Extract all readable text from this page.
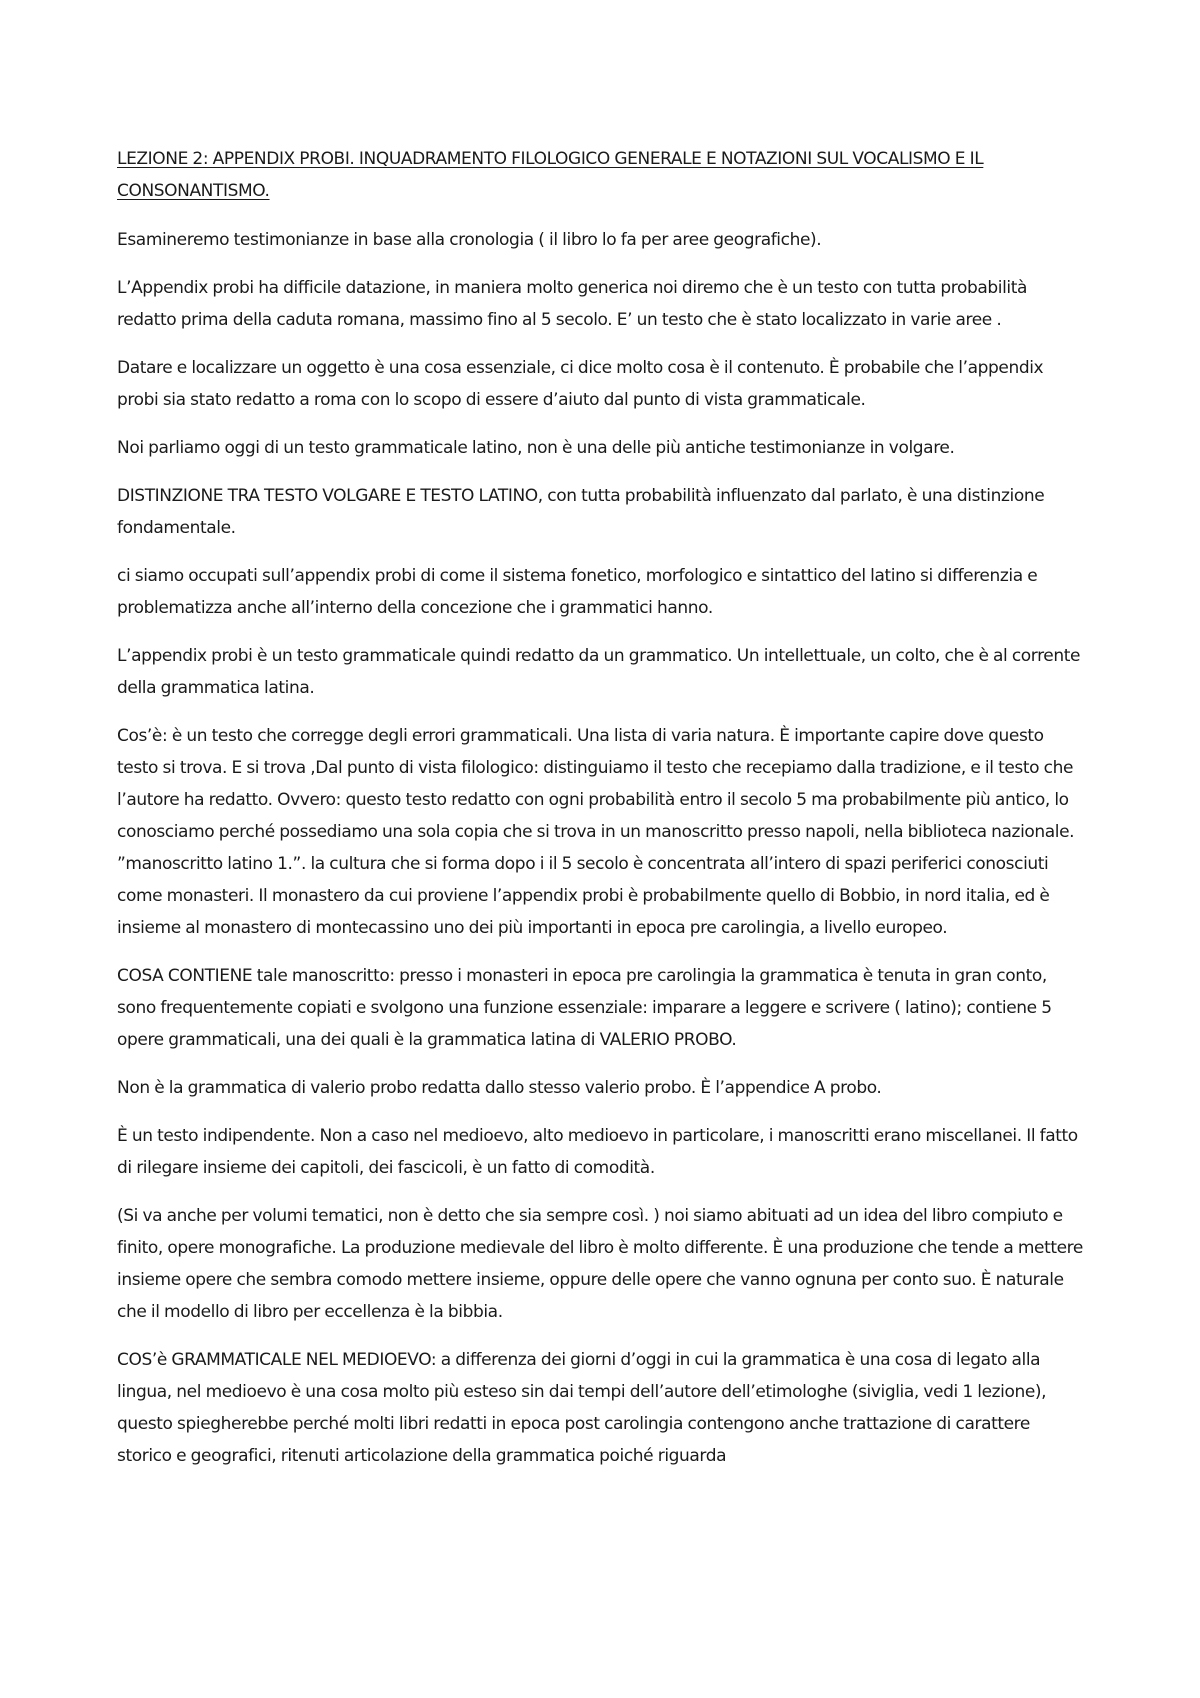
LEZIONE 2: APPENDIX PROBI. INQUADRAMENTO FILOLOGICO GENERALE E NOTAZIONI SUL VOCALISMO E IL CONSONANTISMO.

Esamineremo testimonianze in base alla cronologia ( il libro lo fa per aree geografiche).

L’Appendix probi ha difficile datazione, in maniera molto generica noi diremo che è un testo con tutta probabilità redatto prima della caduta romana, massimo fino al 5 secolo. E’ un testo che è stato localizzato in varie aree .

Datare e localizzare un oggetto è una cosa essenziale, ci dice molto cosa è il contenuto. È probabile che l’appendix probi sia stato redatto a roma con lo scopo di essere d’aiuto dal punto di vista grammaticale.

Noi parliamo oggi di un testo grammaticale latino, non è una delle più antiche testimonianze in volgare.

DISTINZIONE TRA TESTO VOLGARE E TESTO LATINO, con tutta probabilità influenzato dal parlato, è una distinzione fondamentale.

ci siamo occupati sull’appendix probi di come il sistema fonetico, morfologico e sintattico del latino si differenzia e problematizza anche all’interno della concezione che i grammatici hanno.

L’appendix probi è un testo grammaticale quindi redatto da un grammatico. Un intellettuale, un colto, che è al corrente della grammatica latina.

Cos’è: è un testo che corregge degli errori grammaticali. Una lista di varia natura. È importante capire dove questo testo si trova. E si trova ,Dal punto di vista filologico: distinguiamo il testo che recepiamo dalla tradizione, e il testo che l’autore ha redatto. Ovvero: questo testo redatto con ogni probabilità entro il secolo 5 ma probabilmente più antico, lo conosciamo perché possediamo una sola copia che si trova in un manoscritto presso napoli, nella biblioteca nazionale. ”manoscritto latino 1.”. la cultura che si forma dopo i il 5 secolo è concentrata all’intero di spazi periferici conosciuti come monasteri. Il monastero da cui proviene l’appendix probi è probabilmente quello di Bobbio, in nord italia, ed è insieme al monastero di montecassino uno dei più importanti in epoca pre carolingia, a livello europeo.

COSA CONTIENE tale manoscritto: presso i monasteri in epoca pre carolingia la grammatica è tenuta in gran conto, sono frequentemente copiati e svolgono una funzione essenziale: imparare a leggere e scrivere ( latino); contiene 5 opere grammaticali, una dei quali è la grammatica latina di VALERIO PROBO.

Non è la grammatica di valerio probo redatta dallo stesso valerio probo. È l’appendice A probo.

È un testo indipendente. Non a caso nel medioevo, alto medioevo in particolare, i manoscritti erano miscellanei. Il fatto di rilegare insieme dei capitoli, dei fascicoli, è un fatto di comodità.

(Si va anche per volumi tematici, non è detto che sia sempre così. ) noi siamo abituati ad un idea del libro compiuto e finito, opere monografiche. La produzione medievale del libro è molto differente. È una produzione che tende a mettere insieme opere che sembra comodo mettere insieme, oppure delle opere che vanno ognuna per conto suo. È naturale che il modello di libro per eccellenza è la bibbia.

COS’è GRAMMATICALE NEL MEDIOEVO: a differenza dei giorni d’oggi in cui la grammatica è una cosa di legato alla lingua, nel medioevo è una cosa molto più esteso sin dai tempi dell’autore dell’etimologhe (siviglia, vedi 1 lezione), questo spiegherebbe perché molti libri redatti in epoca post carolingia contengono anche trattazione di carattere storico e geografici, ritenuti articolazione della grammatica poiché riguarda
